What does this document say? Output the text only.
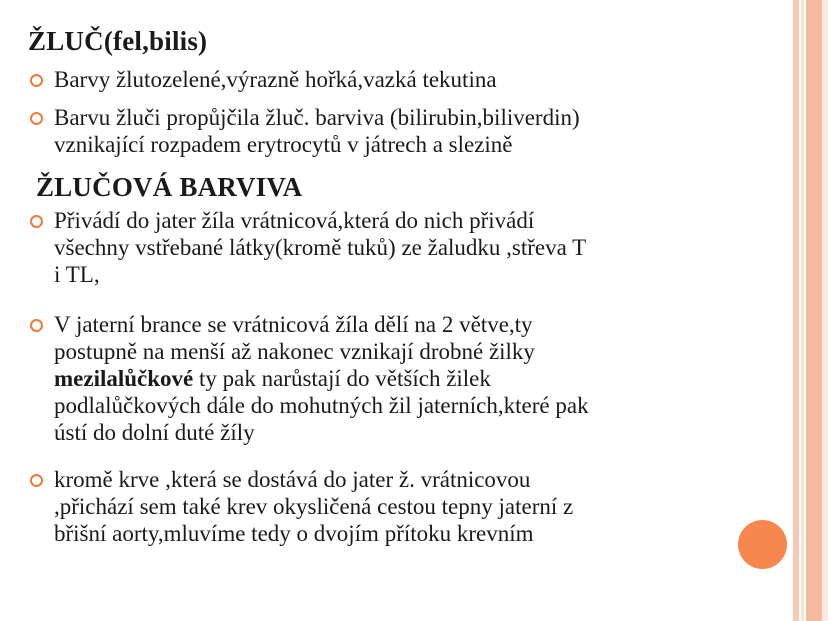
ŽLUČ(fel,bilis)
Barvy žlutozelené,výrazně hořká,vazká tekutina
Barvu žluči propůjčila žluč. barviva (bilirubin,biliverdin)
vznikající rozpadem erytrocytů v játrech a slezině
ŽLUČOVÁ BARVIVA
Přivádí do jater žíla vrátnicová,která do nich přivádí
všechny vstřebané látky(kromě tuků) ze žaludku ,střeva T
i TL,
V jaterní brance se vrátnicová žíla dělí na 2 větve,ty
postupně na menší až nakonec vznikají drobné žilky
mezilalůčkové ty pak narůstají do větších žilek
podlalůčkových dále do mohutných žil jaterních,které pak
ústí do dolní duté žíly
kromě krve ,která se dostává do jater ž. vrátnicovou
,přichází sem také krev okysličená cestou tepny jaterní z
břišní aorty,mluvíme tedy o dvojím přítoku krevním
